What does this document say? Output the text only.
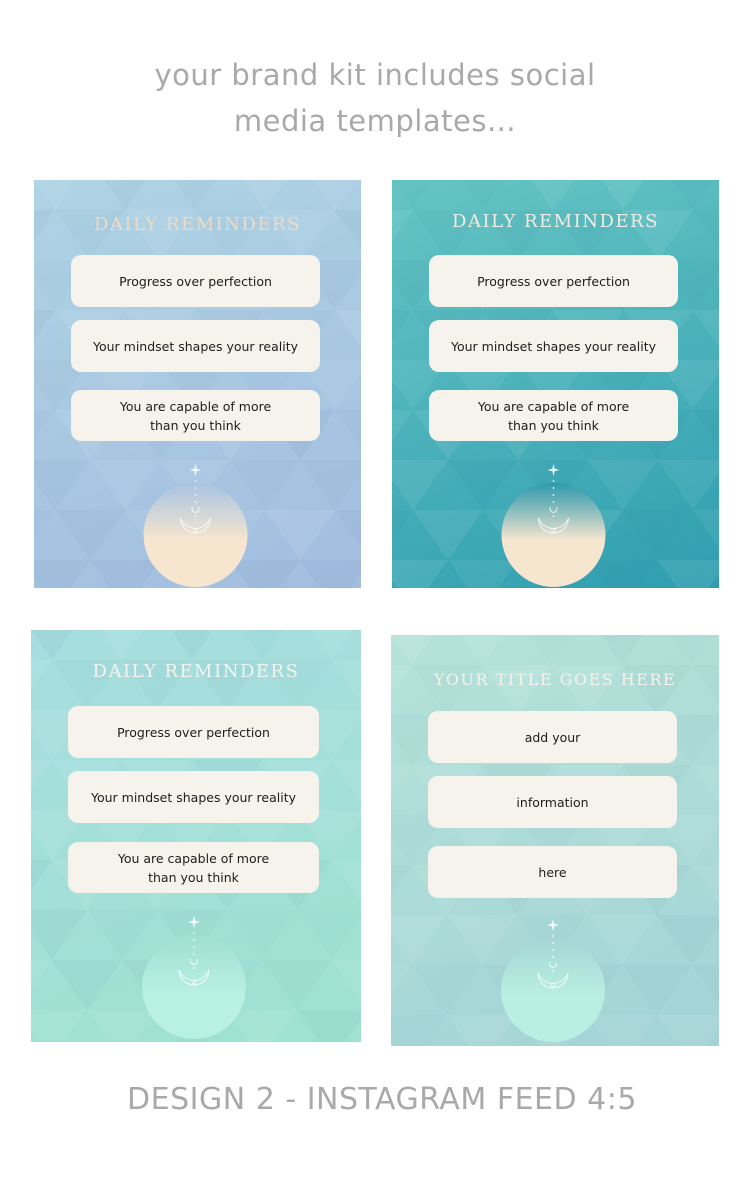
your brand kit includes social
media templates...
DAILY REMINDERS
Progress over perfection
Your mindset shapes your reality
You are capable of more
than you think
DAILY REMINDERS
Progress over perfection
Your mindset shapes your reality
You are capable of more
than you think
DAILY REMINDERS
Progress over perfection
Your mindset shapes your reality
You are capable of more
than you think
YOUR TITLE GOES HERE
add your
information
here
DESIGN 2 - INSTAGRAM FEED 4:5
